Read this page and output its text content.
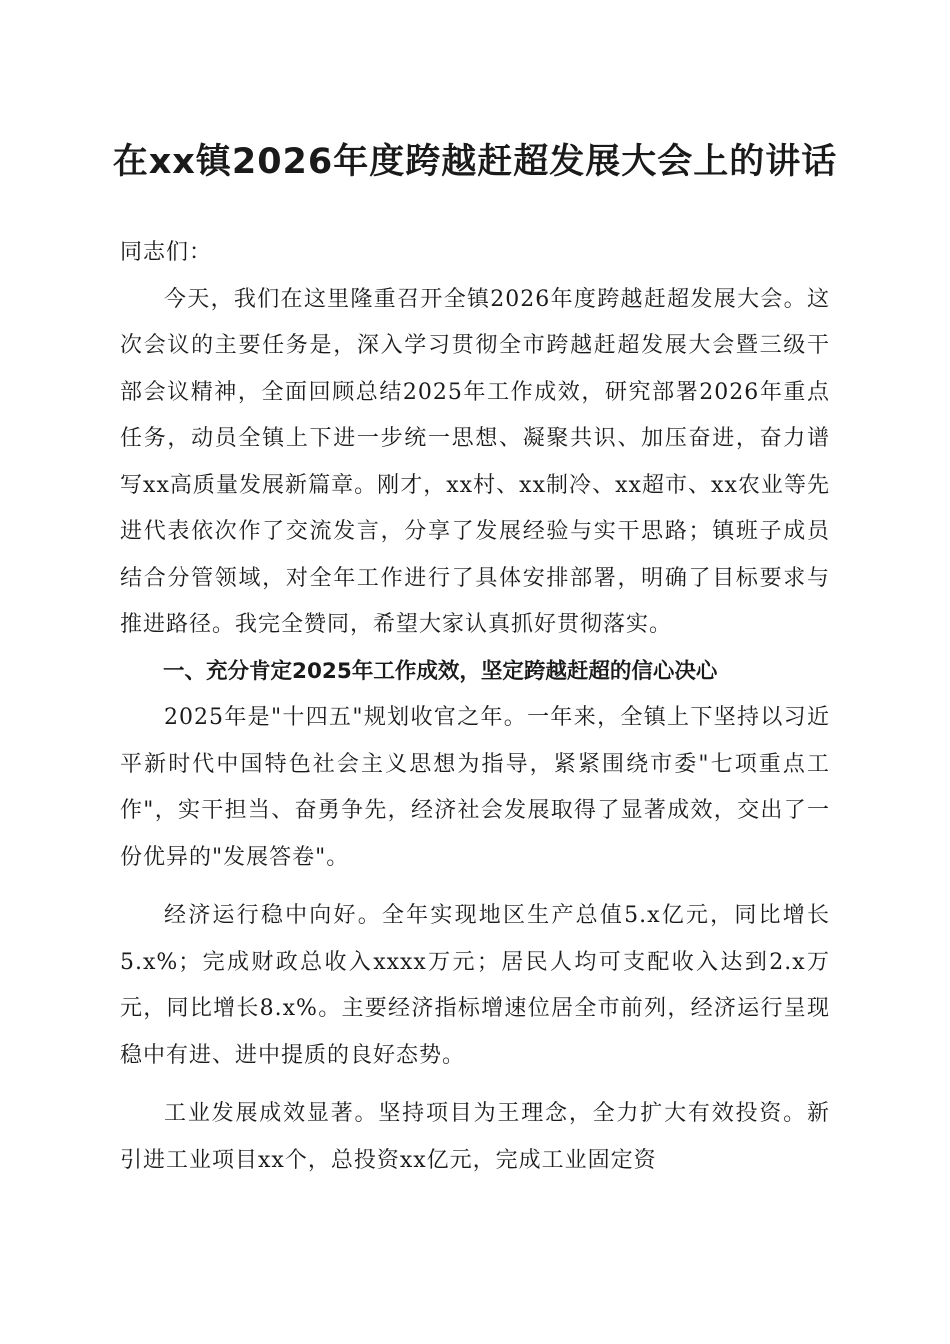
在xx镇2026年度跨越赶超发展大会上的讲话

同志们：

今天，我们在这里隆重召开全镇2026年度跨越赶超发展大会。这次会议的主要任务是，深入学习贯彻全市跨越赶超发展大会暨三级干部会议精神，全面回顾总结2025年工作成效，研究部署2026年重点任务，动员全镇上下进一步统一思想、凝聚共识、加压奋进，奋力谱写xx高质量发展新篇章。刚才，xx村、xx制冷、xx超市、xx农业等先进代表依次作了交流发言，分享了发展经验与实干思路；镇班子成员结合分管领域，对全年工作进行了具体安排部署，明确了目标要求与推进路径。我完全赞同，希望大家认真抓好贯彻落实。

一、充分肯定2025年工作成效，坚定跨越赶超的信心决心

2025年是"十四五"规划收官之年。一年来，全镇上下坚持以习近平新时代中国特色社会主义思想为指导，紧紧围绕市委"七项重点工作"，实干担当、奋勇争先，经济社会发展取得了显著成效，交出了一份优异的"发展答卷"。

经济运行稳中向好。全年实现地区生产总值5.x亿元，同比增长5.x%；完成财政总收入xxxx万元；居民人均可支配收入达到2.x万元，同比增长8.x%。主要经济指标增速位居全市前列，经济运行呈现稳中有进、进中提质的良好态势。

工业发展成效显著。坚持项目为王理念，全力扩大有效投资。新引进工业项目xx个，总投资xx亿元，完成工业固定资
